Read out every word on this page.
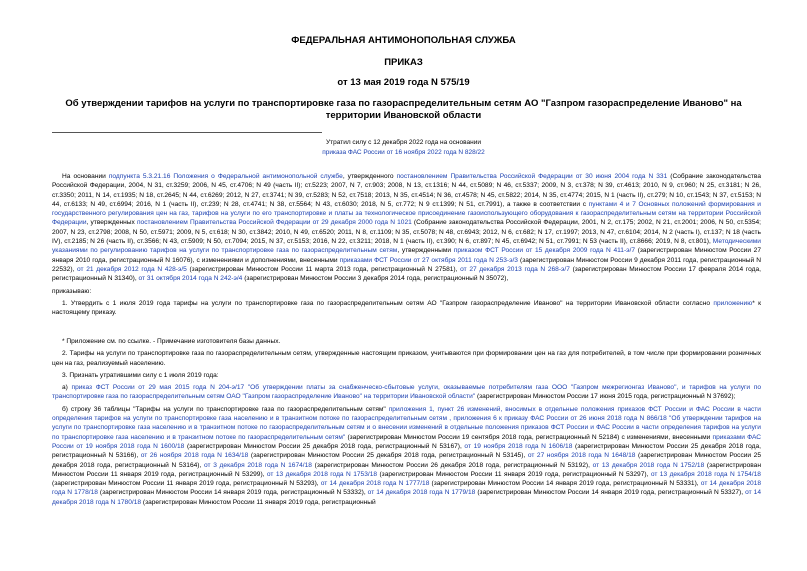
ФЕДЕРАЛЬНАЯ АНТИМОНОПОЛЬНАЯ СЛУЖБА
ПРИКАЗ
от 13 мая 2019 года N 575/19
Об утверждении тарифов на услуги по транспортировке газа по газораспределительным сетям АО "Газпром газораспределение Иваново" на территории Ивановской области
Утратил силу с 12 декабря 2022 года на основании
приказа ФАС России от 16 ноября 2022 года N 828/22

На основании подпункта 5.3.21.16 Положения о Федеральной антимонопольной службе, утвержденного постановлением Правительства Российской Федерации от 30 июня 2004 года N 331 (Собрание законодательства Российской Федерации, 2004, N 31, ст.3259; 2006, N 45, ст.4706; N 49 (часть II); ст.5223; 2007, N 7, ст.903; 2008, N 13, ст.1316; N 44, ст.5089; N 46, ст.5337; 2009, N 3, ст.378; N 39, ст.4613; 2010, N 9, ст.960; N 25, ст.3181; N 26, ст.3350; 2011, N 14, ст.1935; N 18, ст.2645; N 44, ст.6269; 2012, N 27, ст.3741; N 39, ст.5283; N 52, ст.7518; 2013, N 35, ст.4514; N 36, ст.4578; N 45, ст.5822; 2014, N 35, ст.4774; 2015, N 1 (часть II), ст.279; N 10, ст.1543; N 37, ст.5153; N 44, ст.6133; N 49, ст.6994; 2016, N 1 (часть II), ст.239; N 28, ст.4741; N 38, ст.5564; N 43, ст.6030; 2018, N 5, ст.772; N 9 ст.1399; N 51, ст.7991), а также в соответствии с пунктами 4 и 7 Основных положений формирования и государственного регулирования цен на газ, тарифов на услуги по его транспортировке и платы за технологическое присоединение газоиспользующего оборудования к газораспределительным сетям на территории Российской Федерации, утвержденных постановлением Правительства Российской Федерации от 29 декабря 2000 года N 1021 (Собрание законодательства Российской Федерации, 2001, N 2, ст.175; 2002, N 21, ст.2001; 2006, N 50, ст.5354; 2007, N 23, ст.2798; 2008, N 50, ст.5971; 2009, N 5, ст.618; N 30, ст.3842; 2010, N 49, ст.6520; 2011, N 8, ст.1109; N 35, ст.5078; N 48, ст.6943; 2012, N 6, ст.682; N 17, ст.1997; 2013, N 47, ст.6104; 2014, N 2 (часть I), ст.137; N 18 (часть IV), ст.2185; N 26 (часть II), ст.3566; N 43, ст.5909; N 50, ст.7094; 2015, N 37, ст.5153; 2016, N 22, ст.3211; 2018, N 1 (часть II), ст.390; N 6, ст.897; N 45, ст.6942; N 51, ст.7991; N 53 (часть II), ст.8666; 2019, N 8, ст.801), Методическими указаниями по регулированию тарифов на услуги по транспортировке газа по газораспределительным сетям, утвержденными приказом ФСТ России от 15 декабря 2009 года N 411-э/7 (зарегистрирован Минюстом России 27 января 2010 года, регистрационный N 16076), с изменениями и дополнениями, внесенными приказами ФСТ России от 27 октября 2011 года N 253-э/3 (зарегистрирован Минюстом России 9 декабря 2011 года, регистрационный N 22532), от 21 декабря 2012 года N 428-э/5 (зарегистрирован Минюстом России 11 марта 2013 года, регистрационный N 27581), от 27 декабря 2013 года N 268-э/7 (зарегистрирован Минюстом России 17 февраля 2014 года, регистрационный N 31340), от 31 октября 2014 года N 242-э/4 (зарегистрирован Минюстом России 3 декабря 2014 года, регистрационный N 35072),

приказываю:

1. Утвердить с 1 июля 2019 года тарифы на услуги по транспортировке газа по газораспределительным сетям АО "Газпром газораспределение Иваново" на территории Ивановской области согласно приложению* к настоящему приказу.

* Приложение см. по ссылке. - Примечание изготовителя базы данных.

2. Тарифы на услуги по транспортировке газа по газораспределительным сетям, утвержденные настоящим приказом, учитываются при формировании цен на газ для потребителей, в том числе при формировании розничных цен на газ, реализуемый населению.

3. Признать утратившими силу с 1 июля 2019 года:

а) приказ ФСТ России от 29 мая 2015 года N 204-э/17 "Об утверждении платы за снабженческо-сбытовые услуги, оказываемые потребителям газа ООО "Газпром межрегионгаз Иваново", и тарифов на услуги по транспортировке газа по газораспределительным сетям ОАО "Газпром газораспределение Иваново" на территории Ивановской области" (зарегистрирован Минюстом России 17 июня 2015 года, регистрационный N 37692);

б) строку 36 таблицы "Тарифы на услуги по транспортировке газа по газораспределительным сетям" приложения 1, пункт 26 изменений, вносимых в отдельные положения приказов ФСТ России и ФАС России в части определения тарифов на услуги по транспортировке газа населению и в транзитном потоке по газораспределительным сетям , приложения 6 к приказу ФАС России от 26 июня 2018 года N 866/18 "Об утверждении тарифов на услуги по транспортировке газа населению и в транзитном потоке по газораспределительным сетям и о внесении изменений в отдельные положения приказов ФСТ России и ФАС России в части определения тарифов на услуги по транспортировке газа населению и в транзитном потоке по газораспределительным сетям" (зарегистрирован Минюстом России 19 сентября 2018 года, регистрационный N 52184) с изменениями, внесенными приказами ФАС России от 19 ноября 2018 года N 1600/18 (зарегистрирован Минюстом России 25 декабря 2018 года, регистрационный N 53167), от 19 ноября 2018 года N 1606/18 (зарегистрирован Минюстом России 25 декабря 2018 года, регистрационный N 53166), от 26 ноября 2018 года N 1634/18 (зарегистрирован Минюстом России 25 декабря 2018 года, регистрационный N 53145), от 27 ноября 2018 года N 1648/18 (зарегистрирован Минюстом России 25 декабря 2018 года, регистрационный N 53164), от 3 декабря 2018 года N 1674/18 (зарегистрирован Минюстом России 26 декабря 2018 года, регистрационный N 53192), от 13 декабря 2018 года N 1752/18 (зарегистрирован Минюстом России 11 января 2019 года, регистрационный N 53299), от 13 декабря 2018 года N 1753/18 (зарегистрирован Минюстом России 11 января 2019 года, регистрационный N 53297), от 13 декабря 2018 года N 1754/18 (зарегистрирован Минюстом России 11 января 2019 года, регистрационный N 53293), от 14 декабря 2018 года N 1777/18 (зарегистрирован Минюстом России 14 января 2019 года, регистрационный N 53331), от 14 декабря 2018 года N 1778/18 (зарегистрирован Минюстом России 14 января 2019 года, регистрационный N 53332), от 14 декабря 2018 года N 1779/18 (зарегистрирован Минюстом России 14 января 2019 года, регистрационный N 53327), от 14 декабря 2018 года N 1780/18 (зарегистрирован Минюстом России 11 января 2019 года, регистрационный
